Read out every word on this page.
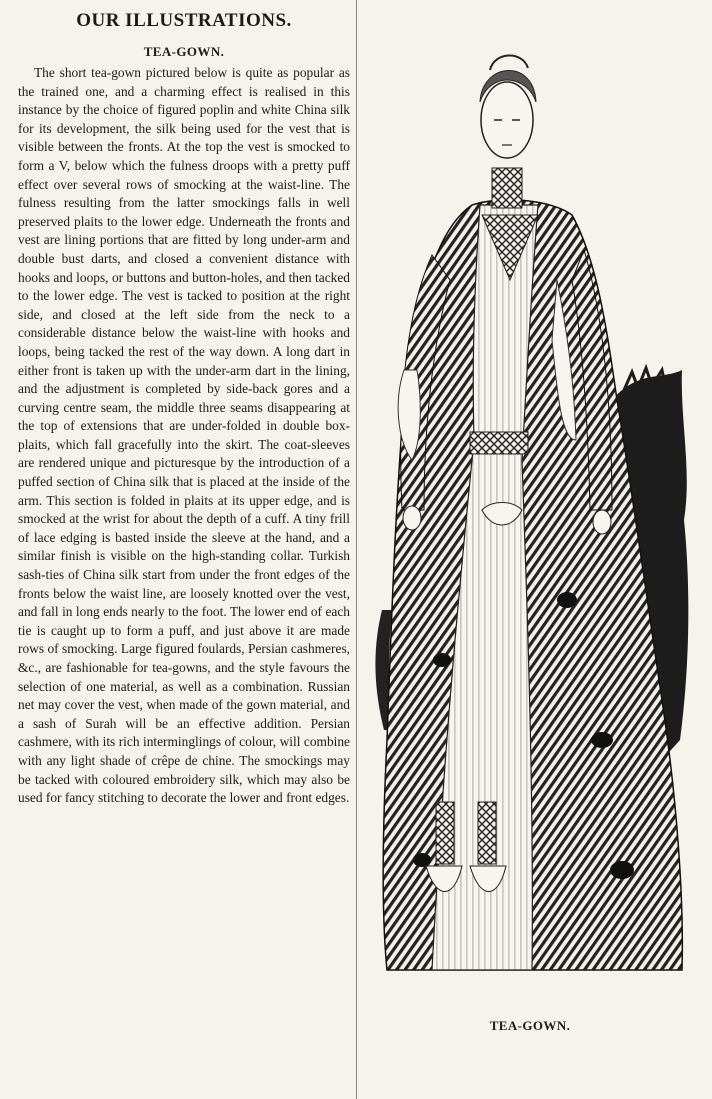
OUR ILLUSTRATIONS.
TEA-GOWN.

The short tea-gown pictured below is quite as popular as the trained one, and a charming effect is realised in this instance by the choice of figured poplin and white China silk for its development, the silk being used for the vest that is visible between the fronts. At the top the vest is smocked to form a V, below which the fulness droops with a pretty puff effect over several rows of smocking at the waist-line. The fulness resulting from the latter smockings falls in well preserved plaits to the lower edge. Underneath the fronts and vest are lining portions that are fitted by long under-arm and double bust darts, and closed a convenient distance with hooks and loops, or buttons and button-holes, and then tacked to the lower edge. The vest is tacked to position at the right side, and closed at the left side from the neck to a considerable distance below the waist-line with hooks and loops, being tacked the rest of the way down. A long dart in either front is taken up with the under-arm dart in the lining, and the adjustment is completed by side-back gores and a curving centre seam, the middle three seams disappearing at the top of extensions that are under-folded in double box-plaits, which fall gracefully into the skirt. The coat-sleeves are rendered unique and picturesque by the introduction of a puffed section of China silk that is placed at the inside of the arm. This section is folded in plaits at its upper edge, and is smocked at the wrist for about the depth of a cuff. A tiny frill of lace edging is basted inside the sleeve at the hand, and a similar finish is visible on the high-standing collar. Turkish sash-ties of China silk start from under the front edges of the fronts below the waist line, are loosely knotted over the vest, and fall in long ends nearly to the foot. The lower end of each tie is caught up to form a puff, and just above it are made rows of smocking. Large figured foulards, Persian cashmeres, &c., are fashionable for tea-gowns, and the style favours the selection of one material, as well as a combination. Russian net may cover the vest, when made of the gown material, and a sash of Surah will be an effective addition. Persian cashmere, with its rich interminglings of colour, will combine with any light shade of crêpe de chine. The smockings may be tacked with coloured embroidery silk, which may also be used for fancy stitching to decorate the lower and front edges.

TEA-GOWN.
